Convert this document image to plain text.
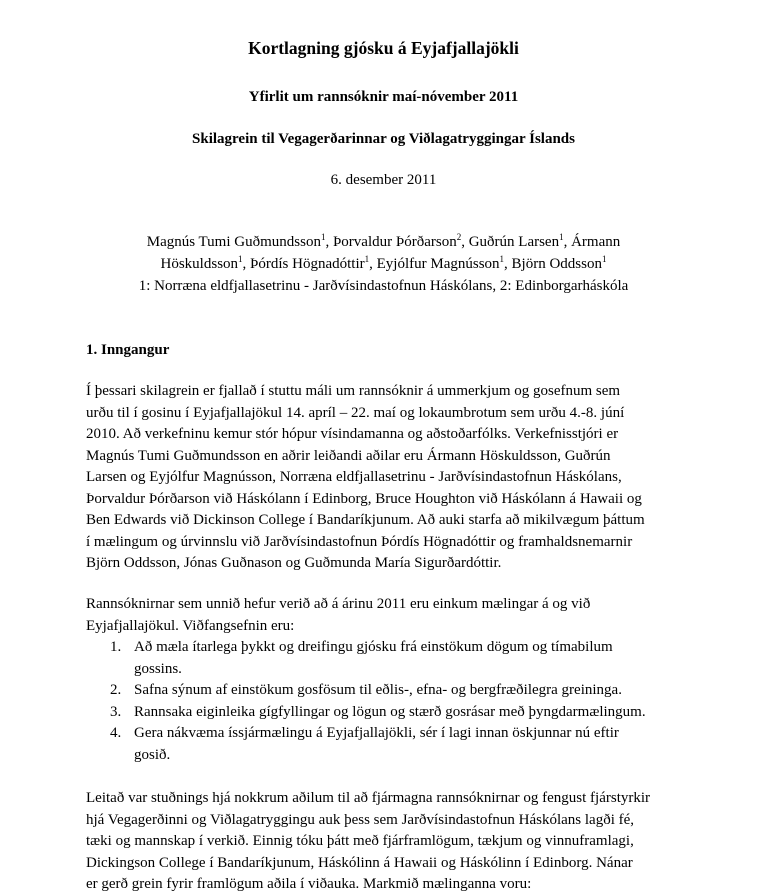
Kortlagning gjósku á Eyjafjallajökli
Yfirlit um rannsóknir maí-nóvember 2011
Skilagrein til Vegagerðarinnar og Viðlagatryggingar Íslands
6. desember 2011
Magnús Tumi Guðmundsson$^1$, Þorvaldur Þórðarson$^2$, Guðrún Larsen$^1$, Ármann
Höskuldsson$^1$, Þórdís Högnadóttir$^1$, Eyjólfur Magnússon$^1$, Björn Oddsson$^1$
1: Norræna eldfjallasetrinu - Jarðvísindastofnun Háskólans, 2: Edinborgarháskóla
1. Inngangur
Í þessari skilagrein er fjallað í stuttu máli um rannsóknir á ummerkjum og gosefnum sem
urðu til í gosinu í Eyjafjallajökul 14. apríl – 22. maí og lokaumbrotum sem urðu 4.-8. júní
2010. Að verkefninu kemur stór hópur vísindamanna og aðstoðarfólks. Verkefnisstjóri er
Magnús Tumi Guðmundsson en aðrir leiðandi aðilar eru Ármann Höskuldsson, Guðrún
Larsen og Eyjólfur Magnússon, Norræna eldfjallasetrinu - Jarðvísindastofnun Háskólans,
Þorvaldur Þórðarson við Háskólann í Edinborg, Bruce Houghton við Háskólann á Hawaii og
Ben Edwards við Dickinson College í Bandaríkjunum. Að auki starfa að mikilvægum þáttum
í mælingum og úrvinnslu við Jarðvísindastofnun Þórdís Högnadóttir og framhaldsnemarnir
Björn Oddsson, Jónas Guðnason og Guðmunda María Sigurðardóttir.
Rannsóknirnar sem unnið hefur verið að á árinu 2011 eru einkum mælingar á og við
Eyjafjallajökul. Viðfangsefnin eru:
1. Að mæla ítarlega þykkt og dreifingu gjósku frá einstökum dögum og tímabilum
gossins.
2. Safna sýnum af einstökum gosfösum til eðlis-, efna- og bergfræðilegra greininga.
3. Rannsaka eiginleika gígfyllingar og lögun og stærð gosrásar með þyngdarmælingum.
4. Gera nákvæma íssjármælingu á Eyjafjallajökli, sér í lagi innan öskjunnar nú eftir
gosið.
Leitað var stuðnings hjá nokkrum aðilum til að fjármagna rannsóknirnar og fengust fjárstyrkir
hjá Vegagerðinni og Viðlagatryggingu auk þess sem Jarðvísindastofnun Háskólans lagði fé,
tæki og mannskap í verkið. Einnig tóku þátt með fjárframlögum, tækjum og vinnuframlagi,
Dickingson College í Bandaríkjunum, Háskólinn á Hawaii og Háskólinn í Edinborg. Nánar
er gerð grein fyrir framlögum aðila í viðauka. Markmið mælinganna voru:
